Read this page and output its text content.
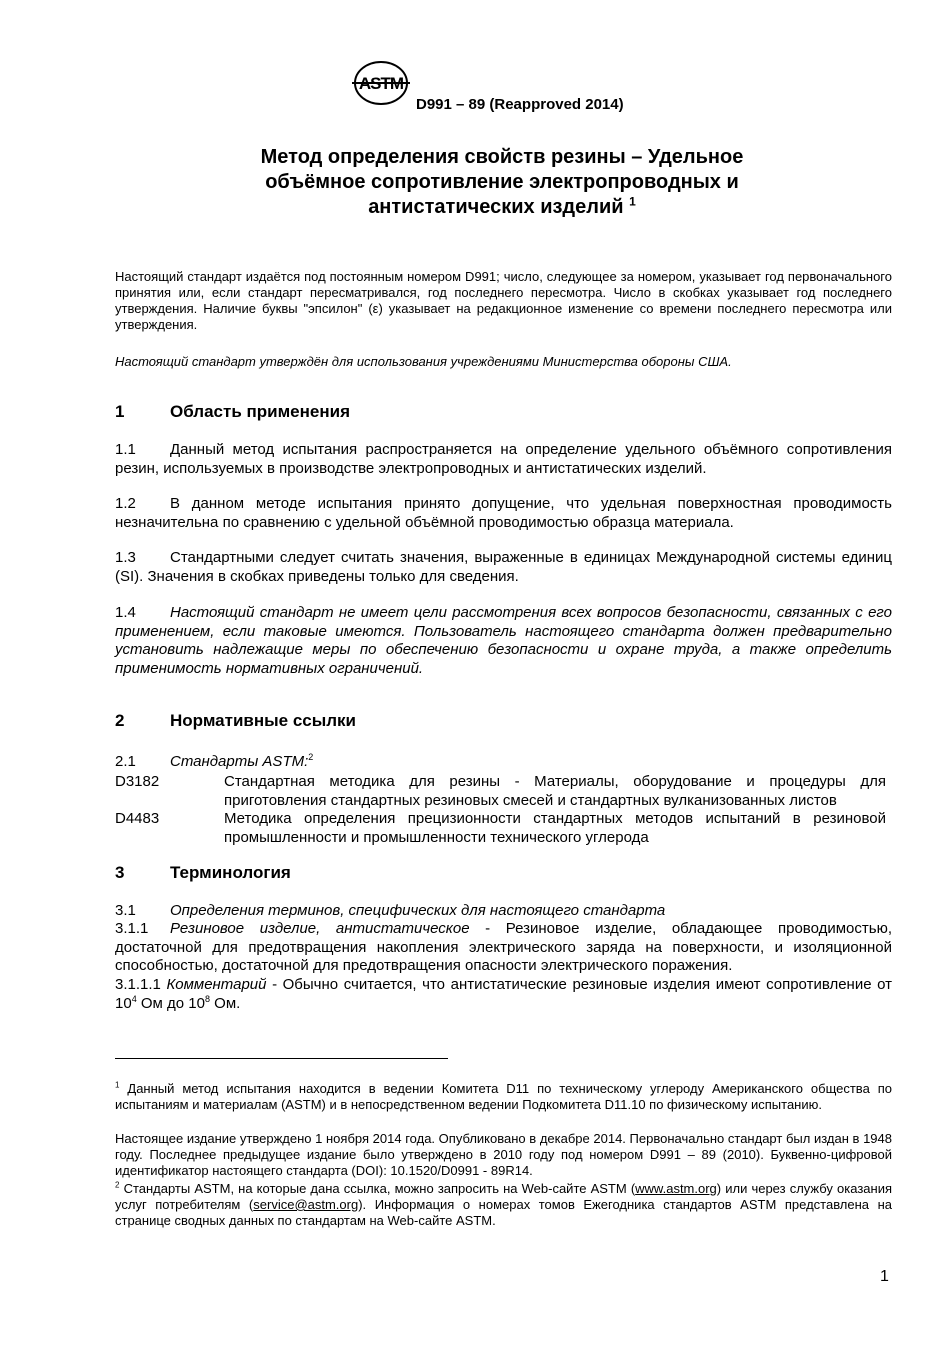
ASTM
D991 – 89 (Reapproved 2014)
Метод определения свойств резины – Удельное
объёмное сопротивление электропроводных и
антистатических изделий $^1$
Настоящий стандарт издаётся под постоянным номером D991; число, следующее за номером, указывает год первоначального принятия или, если стандарт пересматривался, год последнего пересмотра. Число в скобках указывает год последнего утверждения. Наличие буквы "эпсилон" (ε) указывает на редакционное изменение со времени последнего пересмотра или утверждения.
Настоящий стандарт утверждён для использования учреждениями Министерства обороны США.
1	Область применения
1.1 Данный метод испытания распространяется на определение удельного объёмного сопротивления резин, используемых в производстве электропроводных и антистатических изделий.
1.2 В данном методе испытания принято допущение, что удельная поверхностная проводимость незначительна по сравнению с удельной объёмной проводимостью образца материала.
1.3 Стандартными следует считать значения, выраженные в единицах Международной системы единиц (SI). Значения в скобках приведены только для сведения.
1.4 Настоящий стандарт не имеет цели рассмотрения всех вопросов безопасности, связанных с его применением, если таковые имеются. Пользователь настоящего стандарта должен предварительно установить надлежащие меры по обеспечению безопасности и охране труда, а также определить применимость нормативных ограничений.
2	Нормативные ссылки
2.1 Стандарты ASTM:$^2$
D3182	Стандартная методика для резины - Материалы, оборудование и процедуры для приготовления стандартных резиновых смесей и стандартных вулканизованных листов
D4483	Методика определения прецизионности стандартных методов испытаний в резиновой промышленности и промышленности технического углерода
3	Терминология
3.1 Определения терминов, специфических для настоящего стандарта
3.1.1 Резиновое изделие, антистатическое - Резиновое изделие, обладающее проводимостью, достаточной для предотвращения накопления электрического заряда на поверхности, и изоляционной способностью, достаточной для предотвращения опасности электрического поражения.
3.1.1.1 Комментарий - Обычно считается, что антистатические резиновые изделия имеют сопротивление от $10^4$ Ом до $10^8$ Ом.
$^1$ Данный метод испытания находится в ведении Комитета D11 по техническому углероду Американского общества по испытаниям и материалам (ASTM) и в непосредственном ведении Подкомитета D11.10 по физическому испытанию.
Настоящее издание утверждено 1 ноября 2014 года. Опубликовано в декабре 2014. Первоначально стандарт был издан в 1948 году. Последнее предыдущее издание было утверждено в 2010 году под номером D991 – 89 (2010). Буквенно-цифровой идентификатор настоящего стандарта (DOI): 10.1520/D0991 - 89R14.
$^2$ Стандарты ASTM, на которые дана ссылка, можно запросить на Web-сайте ASTM (www.astm.org) или через службу оказания услуг потребителям (service@astm.org). Информация о номерах томов Ежегодника стандартов ASTM представлена на странице сводных данных по стандартам на Web-сайте ASTM.
1
